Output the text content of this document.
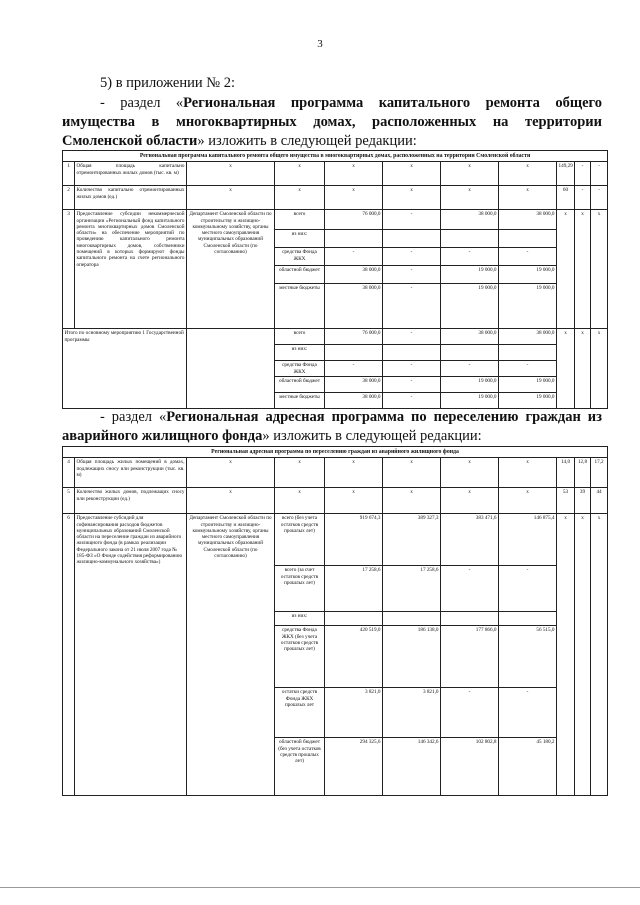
3
5) в приложении № 2:
- раздел «Региональная программа капитального ремонта общего
имущества в многоквартирных домах, расположенных на территории
Смоленской области» изложить в следующей редакции:
Региональная программа капитального ремонта общего имущества в многоквартирных домах, расположенных на территории Смоленской области										
1	Общая площадь капитально отремонтированных жилых домов (тыс. кв. м)	х	х	х	х	х	х	149,29	-	-
2	Количество капитально отремонтированных жилых домов (ед.)	х	х	х	х	х	х	60	-	-
3	Предоставление субсидии некоммерческой организации «Региональный фонд капитального ремонта многоквартирных домов Смоленской области» на обеспечение мероприятий по проведению капитального ремонта многоквартирных домов, собственники помещений в которых формируют фонды капитального ремонта на счете регионального оператора	Департамент Смоленской области по строительству и жилищно-коммунальному хозяйству, органы местного самоуправления муниципальных образований Смоленской области (по согласованию)	всего	76 000,0	-	38 000,0	38 000,0	х	х	х
			из них:							
			средства Фонда ЖКХ	-	-	-	-			
			областной бюджет	38 000,0	-	19 000,0	19 000,0			
			местные бюджеты	38 000,0	-	19 000,0	19 000,0			
Итого по основному мероприятию 1 Государственной программы			всего	76 000,0	-	38 000,0	38 000,0	х	х	х
			из них:							
			средства Фонда ЖКХ	-	-	-	-			
			областной бюджет	38 000,0	-	19 000,0	19 000,0			
			местные бюджеты	38 000,0	-	19 000,0	19 000,0			
- раздел «Региональная адресная программа по переселению граждан из
аварийного жилищного фонда» изложить в следующей редакции:
Региональная адресная программа по переселению граждан из аварийного жилищного фонда										
4	Общая площадь жилых помещений в домах, подлежащих сносу или реконструкции (тыс. кв. м)	х	х	х	х	х	х	14,0	12,8	17,2
5	Количество жилых домов, подлежащих сносу или реконструкции (ед.)	х	х	х	х	х	х	53	39	44
6	Предоставление субсидий для софинансирования расходов бюджетов муниципальных образований Смоленской области на переселение граждан из аварийного жилищного фонда (в рамках реализации Федерального закона от 21 июля 2007 года № 185-ФЗ «О Фонде содействия реформированию жилищно-коммунального хозяйства»)	Департамент Смоленской области по строительству и жилищно-коммунальному хозяйству, органы местного самоуправления муниципальных образований Смоленской области (по согласованию)	всего (без учета остатков средств прошлых лет)	919 674,3	389 327,3	383 471,6	146 875,4	х	х	х
			всего (за счет остатков средств прошлых лет)	17 258,6	17 258,6	-	-			
			из них:							
			средства Фонда ЖКХ (без учета остатков средств прошлых лет)	420 519,0	186 138,0	177 866,0	56 515,0			
			остатки средств Фонда ЖКХ прошлых лет	3 821,0	3 821,0	-	-			
			областной бюджет (без учета остатков средств прошлых лет)	294 325,6	146 342,6	102 802,8	45 180,2			
